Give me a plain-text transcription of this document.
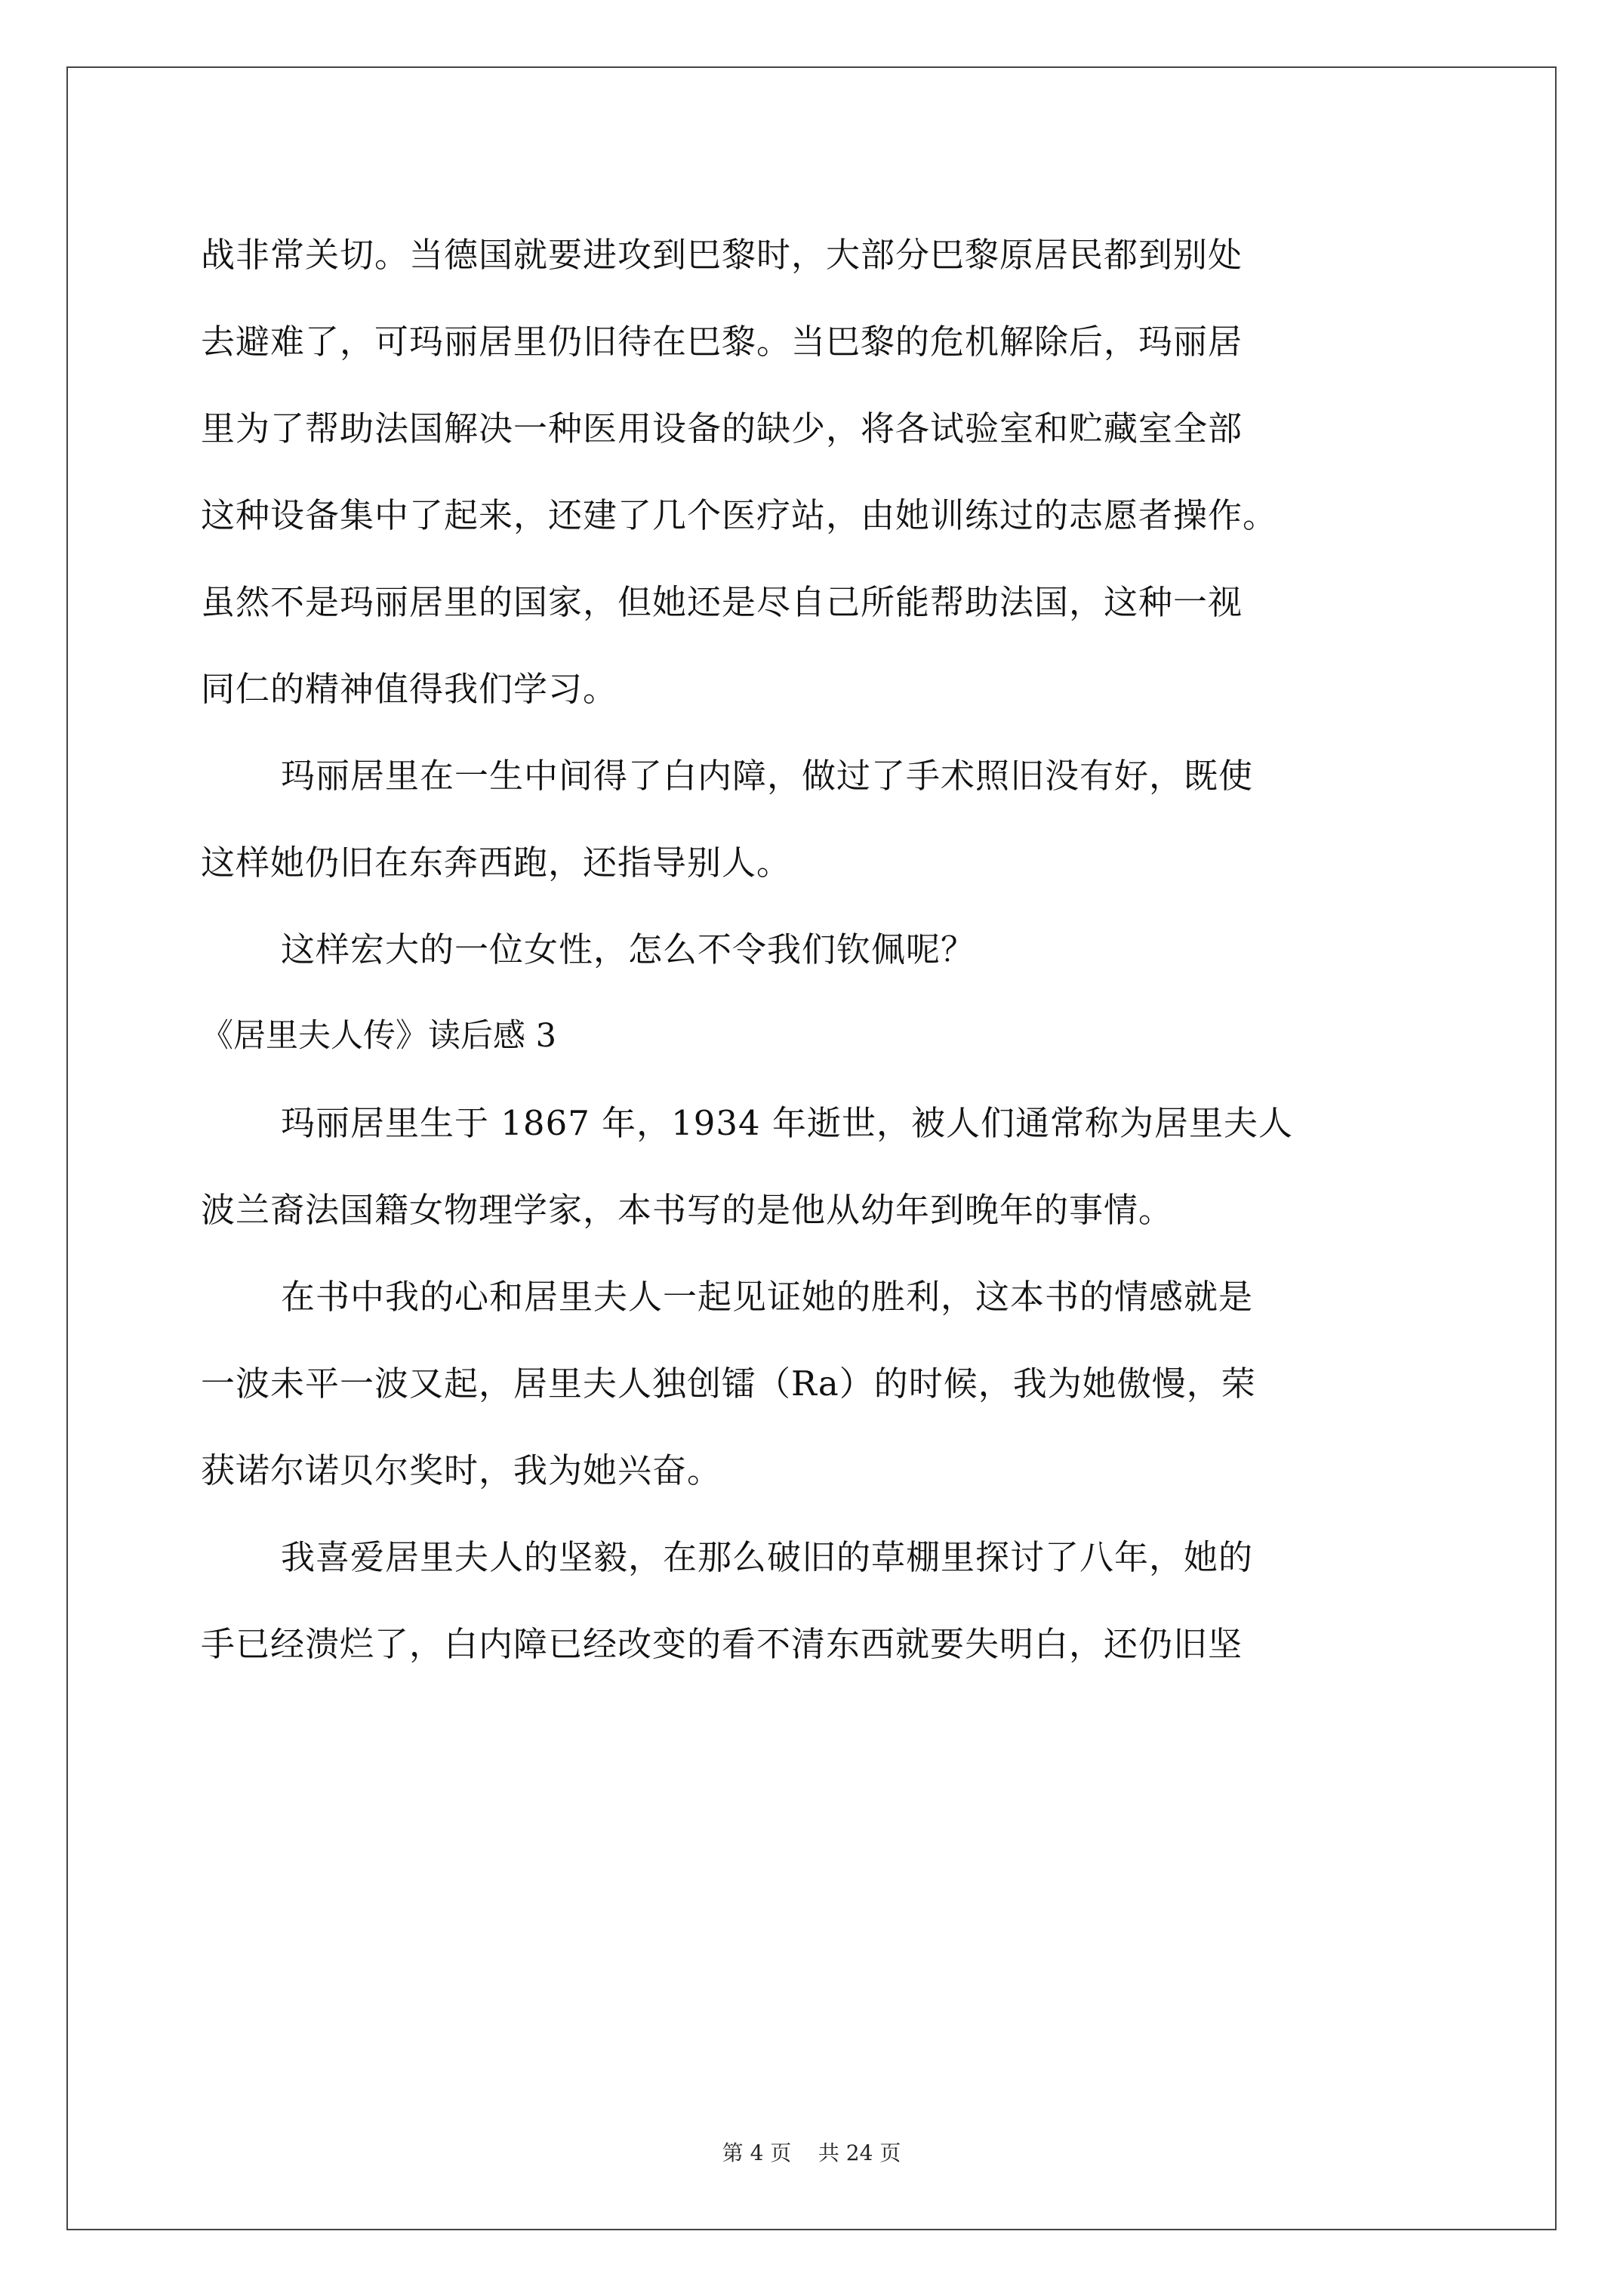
战非常关切。当德国就要进攻到巴黎时，大部分巴黎原居民都到别处
去避难了，可玛丽居里仍旧待在巴黎。当巴黎的危机解除后，玛丽居
里为了帮助法国解决一种医用设备的缺少，将各试验室和贮藏室全部
这种设备集中了起来，还建了几个医疗站，由她训练过的志愿者操作。
虽然不是玛丽居里的国家，但她还是尽自己所能帮助法国，这种一视
同仁的精神值得我们学习。
玛丽居里在一生中间得了白内障，做过了手术照旧没有好，既使
这样她仍旧在东奔西跑，还指导别人。
这样宏大的一位女性，怎么不令我们钦佩呢？
《居里夫人传》读后感 3
玛丽居里生于 1867 年，1934 年逝世，被人们通常称为居里夫人
波兰裔法国籍女物理学家，本书写的是他从幼年到晚年的事情。
在书中我的心和居里夫人一起见证她的胜利，这本书的情感就是
一波未平一波又起，居里夫人独创镭（Ra）的时候，我为她傲慢，荣
获诺尔诺贝尔奖时，我为她兴奋。
我喜爱居里夫人的坚毅，在那么破旧的草棚里探讨了八年，她的
手已经溃烂了，白内障已经改变的看不清东西就要失明白，还仍旧坚
第 4 页    共 24 页
